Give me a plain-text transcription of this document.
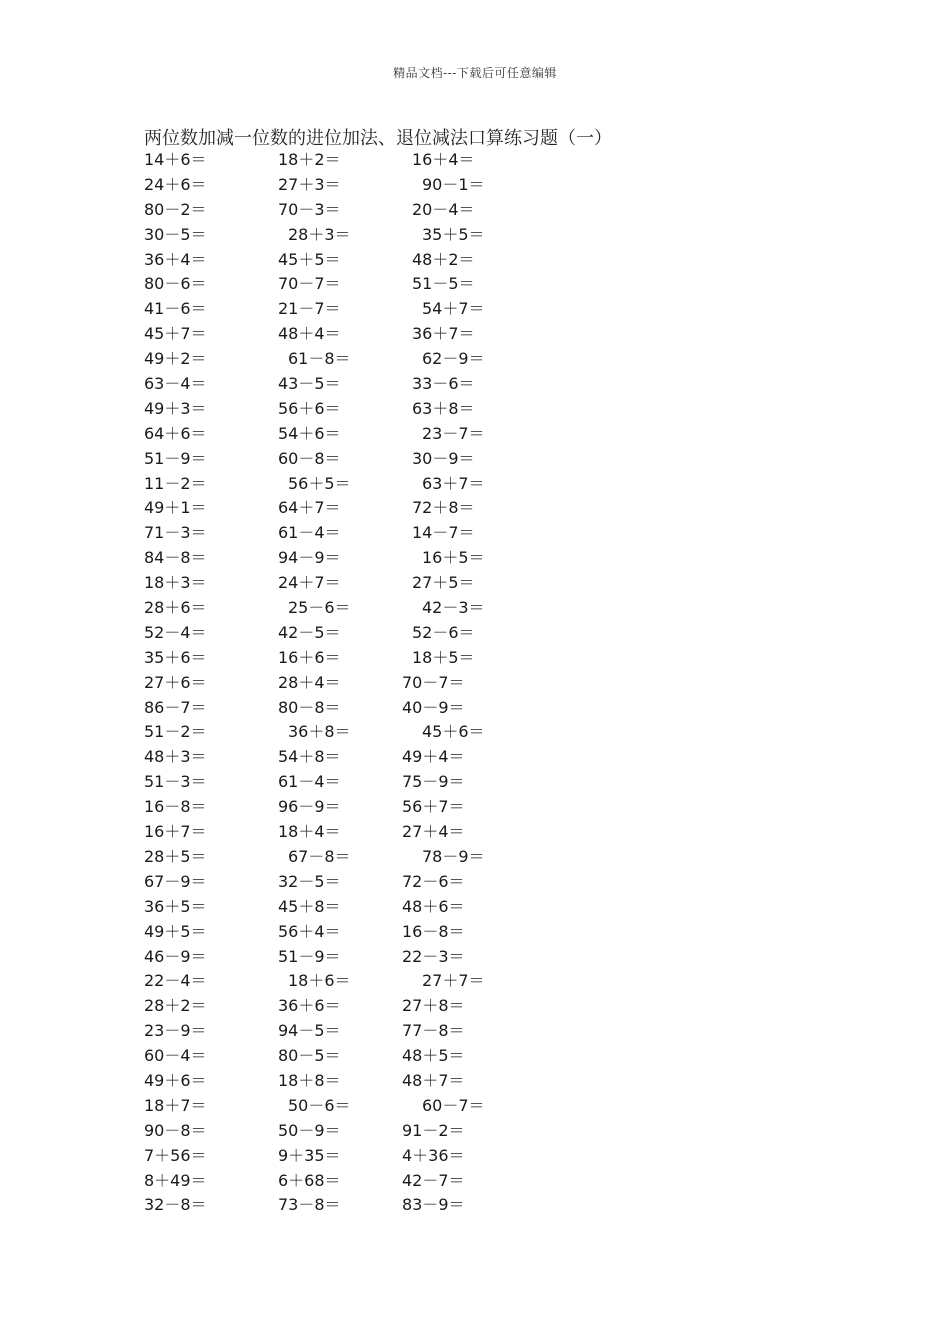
精品文档---下载后可任意编辑
两位数加减一位数的进位加法、退位减法口算练习题（一）
14＋6＝	18＋2＝	16＋4＝
24＋6＝	27＋3＝	90－1＝
80－2＝	70－3＝	20－4＝
30－5＝	28＋3＝	35＋5＝
36＋4＝	45＋5＝	48＋2＝
80－6＝	70－7＝	51－5＝
41－6＝	21－7＝	54＋7＝
45＋7＝	48＋4＝	36＋7＝
49＋2＝	61－8＝	62－9＝
63－4＝	43－5＝	33－6＝
49＋3＝	56＋6＝	63＋8＝
64＋6＝	54＋6＝	23－7＝
51－9＝	60－8＝	30－9＝
11－2＝	56＋5＝	63＋7＝
49＋1＝	64＋7＝	72＋8＝
71－3＝	61－4＝	14－7＝
84－8＝	94－9＝	16＋5＝
18＋3＝	24＋7＝	27＋5＝
28＋6＝	25－6＝	42－3＝
52－4＝	42－5＝	52－6＝
35＋6＝	16＋6＝	18＋5＝
27＋6＝	28＋4＝	70－7＝
86－7＝	80－8＝	40－9＝
51－2＝	36＋8＝	45＋6＝
48＋3＝	54＋8＝	49＋4＝
51－3＝	61－4＝	75－9＝
16－8＝	96－9＝	56＋7＝
16＋7＝	18＋4＝	27＋4＝
28＋5＝	67－8＝	78－9＝
67－9＝	32－5＝	72－6＝
36＋5＝	45＋8＝	48＋6＝
49＋5＝	56＋4＝	16－8＝
46－9＝	51－9＝	22－3＝
22－4＝	18＋6＝	27＋7＝
28＋2＝	36＋6＝	27＋8＝
23－9＝	94－5＝	77－8＝
60－4＝	80－5＝	48＋5＝
49＋6＝	18＋8＝	48＋7＝
18＋7＝	50－6＝	60－7＝
90－8＝	50－9＝	91－2＝
7＋56＝	9＋35＝	4＋36＝
8＋49＝	6＋68＝	42－7＝
32－8＝	73－8＝	83－9＝
